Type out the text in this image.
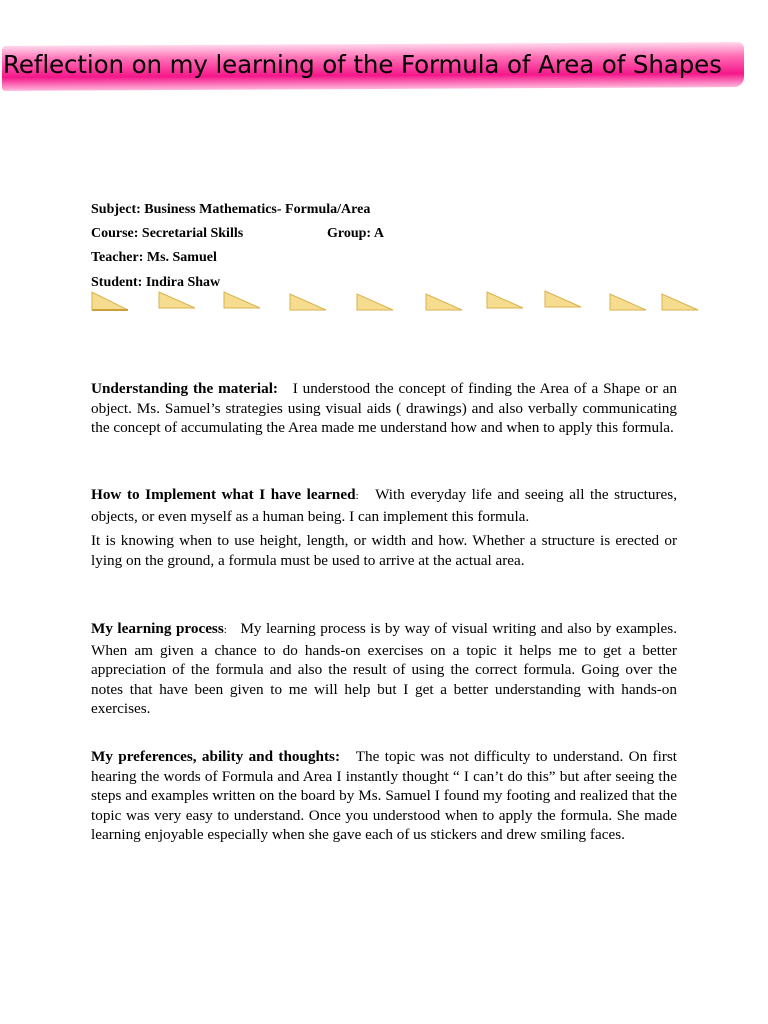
Reflection on my learning of the Formula of Area of Shapes
Subject: Business Mathematics- Formula/Area
Course: Secretarial Skills	Group: A
Teacher: Ms. Samuel
Student: Indira Shaw
Understanding the material: I understood the concept of finding the Area of a Shape or an object. Ms. Samuel’s strategies using visual aids ( drawings) and also verbally communicating the concept of accumulating the Area made me understand how and when to apply this formula.
How to Implement what I have learned: With everyday life and seeing all the structures, objects, or even myself as a human being. I can implement this formula.
It is knowing when to use height, length, or width and how. Whether a structure is erected or lying on the ground, a formula must be used to arrive at the actual area.
My learning process: My learning process is by way of visual writing and also by examples. When am given a chance to do hands-on exercises on a topic it helps me to get a better appreciation of the formula and also the result of using the correct formula. Going over the notes that have been given to me will help but I get a better understanding with hands-on exercises.
My preferences, ability and thoughts: The topic was not difficulty to understand. On first hearing the words of Formula and Area I instantly thought “ I can’t do this” but after seeing the steps and examples written on the board by Ms. Samuel I found my footing and realized that the topic was very easy to understand. Once you understood when to apply the formula. She made learning enjoyable especially when she gave each of us stickers and drew smiling faces.
